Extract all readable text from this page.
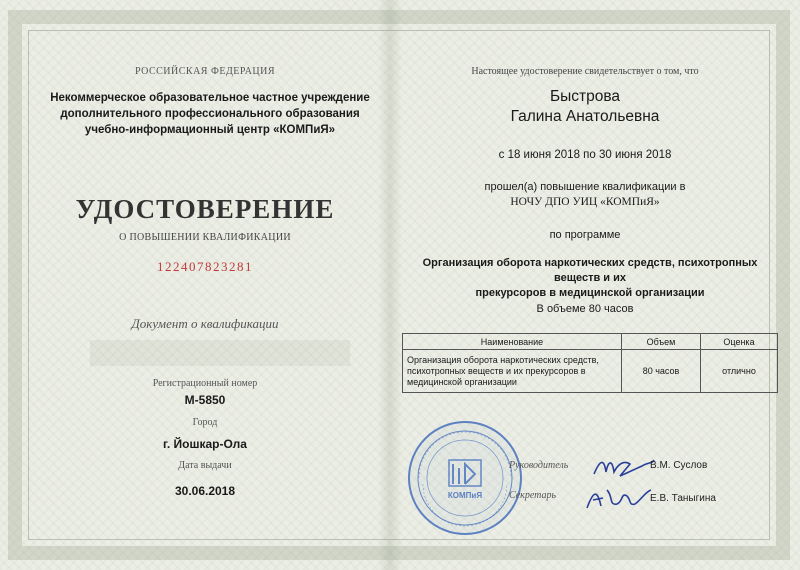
РОССИЙСКАЯ ФЕДЕРАЦИЯ
Некоммерческое образовательное частное учреждение
дополнительного профессионального образования
учебно-информационный центр «КОМПиЯ»
УДОСТОВЕРЕНИЕ
О ПОВЫШЕНИИ КВАЛИФИКАЦИИ
122407823281
Документ о квалификации
Регистрационный номер
М-5850
Город
г. Йошкар-Ола
Дата выдачи
30.06.2018
Настоящее удостоверение свидетельствует о том, что
Быстрова
Галина Анатольевна
с 18 июня 2018 по 30 июня 2018
прошел(а) повышение квалификации в
НОЧУ ДПО УИЦ «КОМПиЯ»
по программе
Организация оборота наркотических средств, психотропных веществ и их
прекурсоров в медицинской организации
В объеме 80 часов
Наименование	Объем	Оценка

Организация оборота наркотических средств,
психотропных веществ и их прекурсоров в
медицинской организации	80 часов	отлично
КОМПиЯ
Руководитель	В.М. Суслов
Секретарь	Е.В. Таныгина
